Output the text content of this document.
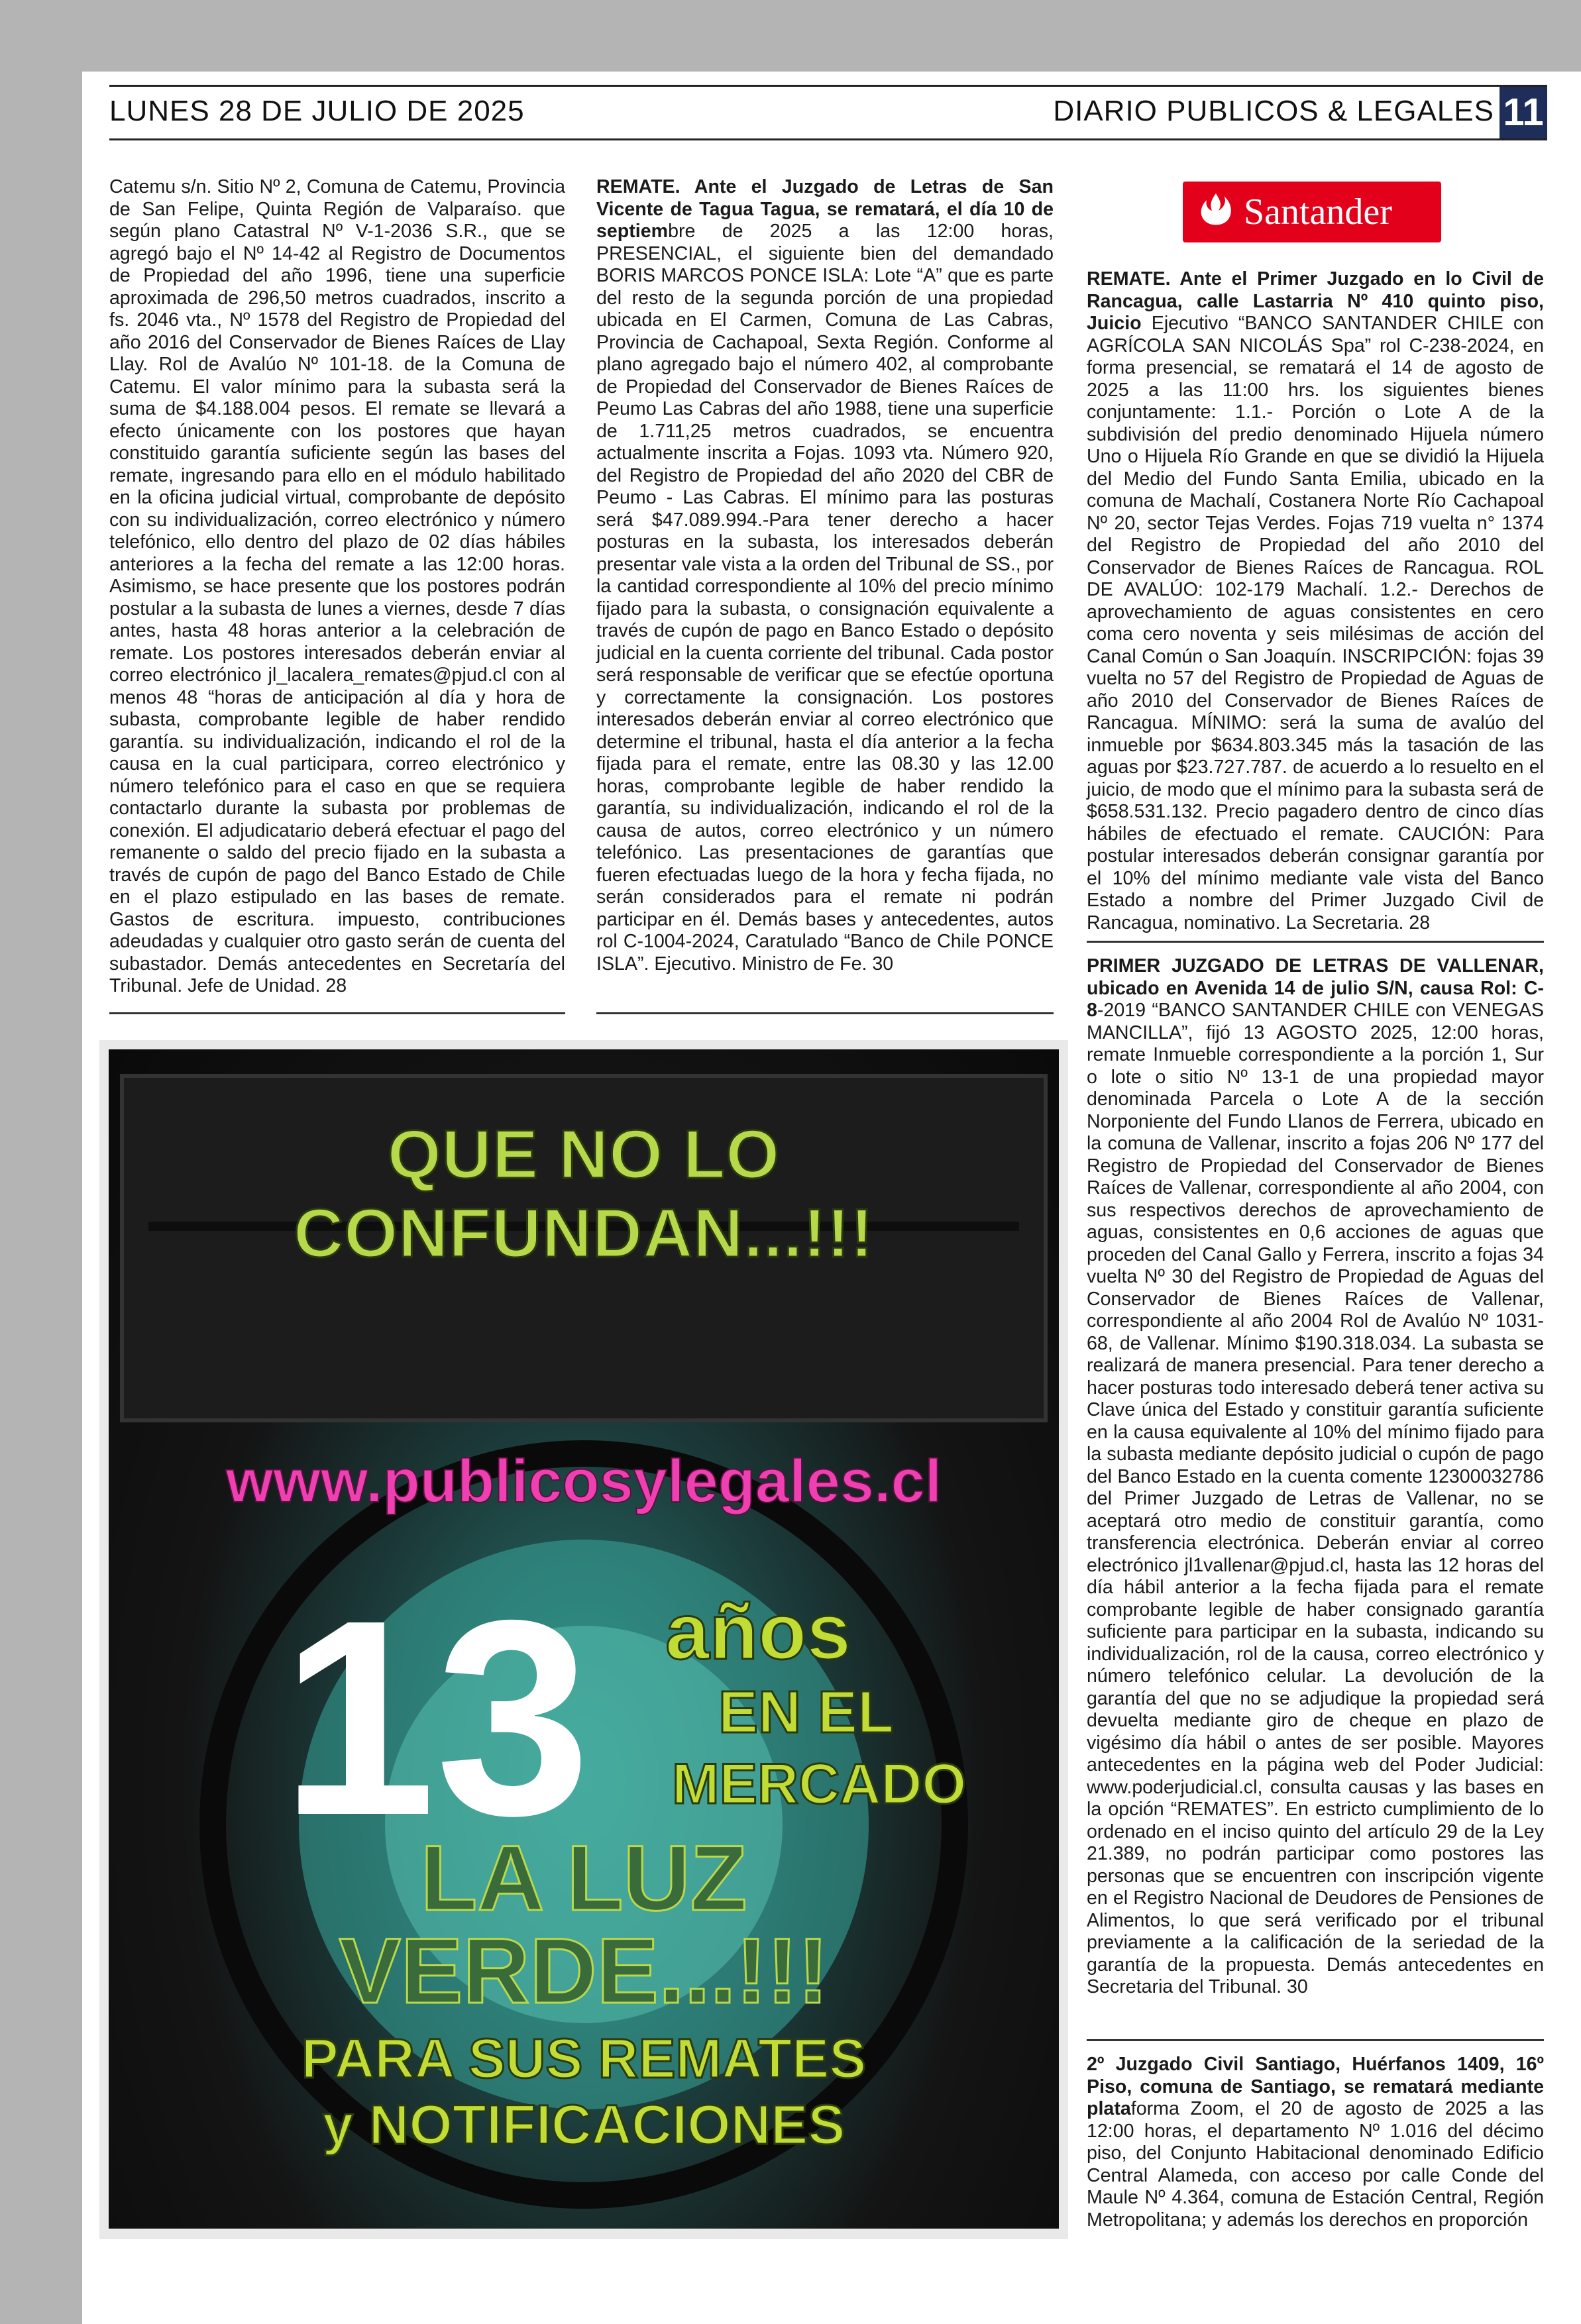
LUNES 28 DE JULIO DE 2025	DIARIO PUBLICOS & LEGALES 11

Catemu s/n. Sitio Nº 2, Comuna de Catemu, Provincia de San Felipe, Quinta Región de Valparaíso. que según plano Catastral Nº V-1-2036 S.R., que se agregó bajo el Nº 14-42 al Registro de Documentos de Propiedad del año 1996, tiene una superficie aproximada de 296,50 metros cuadrados, inscrito a fs. 2046 vta., Nº 1578 del Registro de Propiedad del año 2016 del Conservador de Bienes Raíces de Llay Llay. Rol de Avalúo Nº 101-18. de la Comuna de Catemu. El valor mínimo para la subasta será la suma de $4.188.004 pesos. El remate se llevará a efecto únicamente con los postores que hayan constituido garantía suficiente según las bases del remate, ingresando para ello en el módulo habilitado en la oficina judicial virtual, comprobante de depósito con su individualización, correo electrónico y número telefónico, ello dentro del plazo de 02 días hábiles anteriores a la fecha del remate a las 12:00 horas. Asimismo, se hace presente que los postores podrán postular a la subasta de lunes a viernes, desde 7 días antes, hasta 48 horas anterior a la celebración de remate. Los postores interesados deberán enviar al correo electrónico jl_lacalera_remates@pjud.cl con al menos 48 “horas de anticipación al día y hora de subasta, comprobante legible de haber rendido garantía. su individualización, indicando el rol de la causa en la cual participara, correo electrónico y número telefónico para el caso en que se requiera contactarlo durante la subasta por problemas de conexión. El adjudicatario deberá efectuar el pago del remanente o saldo del precio fijado en la subasta a través de cupón de pago del Banco Estado de Chile en el plazo estipulado en las bases de remate. Gastos de escritura. impuesto, contribuciones adeudadas y cualquier otro gasto serán de cuenta del subastador. Demás antecedentes en Secretaría del Tribunal. Jefe de Unidad. 28

REMATE. Ante el Juzgado de Letras de San Vicente de Tagua Tagua, se rematará, el día 10 de septiembre de 2025 a las 12:00 horas, PRESENCIAL, el siguiente bien del demandado BORIS MARCOS PONCE ISLA: Lote “A” que es parte del resto de la segunda porción de una propiedad ubicada en El Carmen, Comuna de Las Cabras, Provincia de Cachapoal, Sexta Región. Conforme al plano agregado bajo el número 402, al comprobante de Propiedad del Conservador de Bienes Raíces de Peumo Las Cabras del año 1988, tiene una superficie de 1.711,25 metros cuadrados, se encuentra actualmente inscrita a Fojas. 1093 vta. Número 920, del Registro de Propiedad del año 2020 del CBR de Peumo - Las Cabras. El mínimo para las posturas será $47.089.994.-Para tener derecho a hacer posturas en la subasta, los interesados deberán presentar vale vista a la orden del Tribunal de SS., por la cantidad correspondiente al 10% del precio mínimo fijado para la subasta, o consignación equivalente a través de cupón de pago en Banco Estado o depósito judicial en la cuenta corriente del tribunal. Cada postor será responsable de verificar que se efectúe oportuna y correctamente la consignación. Los postores interesados deberán enviar al correo electrónico que determine el tribunal, hasta el día anterior a la fecha fijada para el remate, entre las 08.30 y las 12.00 horas, comprobante legible de haber rendido la garantía, su individualización, indicando el rol de la causa de autos, correo electrónico y un número telefónico. Las presentaciones de garantías que fueren efectuadas luego de la hora y fecha fijada, no serán considerados para el remate ni podrán participar en él. Demás bases y antecedentes, autos rol C-1004-2024, Caratulado “Banco de Chile PONCE ISLA”. Ejecutivo. Ministro de Fe. 30

Santander

REMATE. Ante el Primer Juzgado en lo Civil de Rancagua, calle Lastarria Nº 410 quinto piso, Juicio Ejecutivo “BANCO SANTANDER CHILE con AGRÍCOLA SAN NICOLÁS Spa” rol C-238-2024, en forma presencial, se rematará el 14 de agosto de 2025 a las 11:00 hrs. los siguientes bienes conjuntamente: 1.1.- Porción o Lote A de la subdivisión del predio denominado Hijuela número Uno o Hijuela Río Grande en que se dividió la Hijuela del Medio del Fundo Santa Emilia, ubicado en la comuna de Machalí, Costanera Norte Río Cachapoal Nº 20, sector Tejas Verdes. Fojas 719 vuelta n° 1374 del Registro de Propiedad del año 2010 del Conservador de Bienes Raíces de Rancagua. ROL DE AVALÚO: 102-179 Machalí. 1.2.- Derechos de aprovechamiento de aguas consistentes en cero coma cero noventa y seis milésimas de acción del Canal Común o San Joaquín. INSCRIPCIÓN: fojas 39 vuelta no 57 del Registro de Propiedad de Aguas de año 2010 del Conservador de Bienes Raíces de Rancagua. MÍNIMO: será la suma de avalúo del inmueble por $634.803.345 más la tasación de las aguas por $23.727.787. de acuerdo a lo resuelto en el juicio, de modo que el mínimo para la subasta será de $658.531.132. Precio pagadero dentro de cinco días hábiles de efectuado el remate. CAUCIÓN: Para postular interesados deberán consignar garantía por el 10% del mínimo mediante vale vista del Banco Estado a nombre del Primer Juzgado Civil de Rancagua, nominativo. La Secretaria. 28

PRIMER JUZGADO DE LETRAS DE VALLENAR, ubicado en Avenida 14 de julio S/N, causa Rol: C-8-2019 “BANCO SANTANDER CHILE con VENEGAS MANCILLA”, fijó 13 AGOSTO 2025, 12:00 horas, remate Inmueble correspondiente a la porción 1, Sur o lote o sitio Nº 13-1 de una propiedad mayor denominada Parcela o Lote A de la sección Norponiente del Fundo Llanos de Ferrera, ubicado en la comuna de Vallenar, inscrito a fojas 206 Nº 177 del Registro de Propiedad del Conservador de Bienes Raíces de Vallenar, correspondiente al año 2004, con sus respectivos derechos de aprovechamiento de aguas, consistentes en 0,6 acciones de aguas que proceden del Canal Gallo y Ferrera, inscrito a fojas 34 vuelta Nº 30 del Registro de Propiedad de Aguas del Conservador de Bienes Raíces de Vallenar, correspondiente al año 2004 Rol de Avalúo Nº 1031-68, de Vallenar. Mínimo $190.318.034. La subasta se realizará de manera presencial. Para tener derecho a hacer posturas todo interesado deberá tener activa su Clave única del Estado y constituir garantía suficiente en la causa equivalente al 10% del mínimo fijado para la subasta mediante depósito judicial o cupón de pago del Banco Estado en la cuenta comente 12300032786 del Primer Juzgado de Letras de Vallenar, no se aceptará otro medio de constituir garantía, como transferencia electrónica. Deberán enviar al correo electrónico jl1vallenar@pjud.cl, hasta las 12 horas del día hábil anterior a la fecha fijada para el remate comprobante legible de haber consignado garantía suficiente para participar en la subasta, indicando su individualización, rol de la causa, correo electrónico y número telefónico celular. La devolución de la garantía del que no se adjudique la propiedad será devuelta mediante giro de cheque en plazo de vigésimo día hábil o antes de ser posible. Mayores antecedentes en la página web del Poder Judicial: www.poderjudicial.cl, consulta causas y las bases en la opción “REMATES”. En estricto cumplimiento de lo ordenado en el inciso quinto del artículo 29 de la Ley 21.389, no podrán participar como postores las personas que se encuentren con inscripción vigente en el Registro Nacional de Deudores de Pensiones de Alimentos, lo que será verificado por el tribunal previamente a la calificación de la seriedad de la garantía de la propuesta. Demás antecedentes en Secretaria del Tribunal. 30

2º Juzgado Civil Santiago, Huérfanos 1409, 16º Piso, comuna de Santiago, se rematará mediante plataforma Zoom, el 20 de agosto de 2025 a las 12:00 horas, el departamento Nº 1.016 del décimo piso, del Conjunto Habitacional denominado Edificio Central Alameda, con acceso por calle Conde del Maule Nº 4.364, comuna de Estación Central, Región Metropolitana; y además los derechos en proporción

QUE NO LO CONFUNDAN...!!!
www.publicosylegales.cl
13 años
EN EL
MERCADO
LA LUZ
VERDE...!!!
PARA SUS REMATES
y NOTIFICACIONES
